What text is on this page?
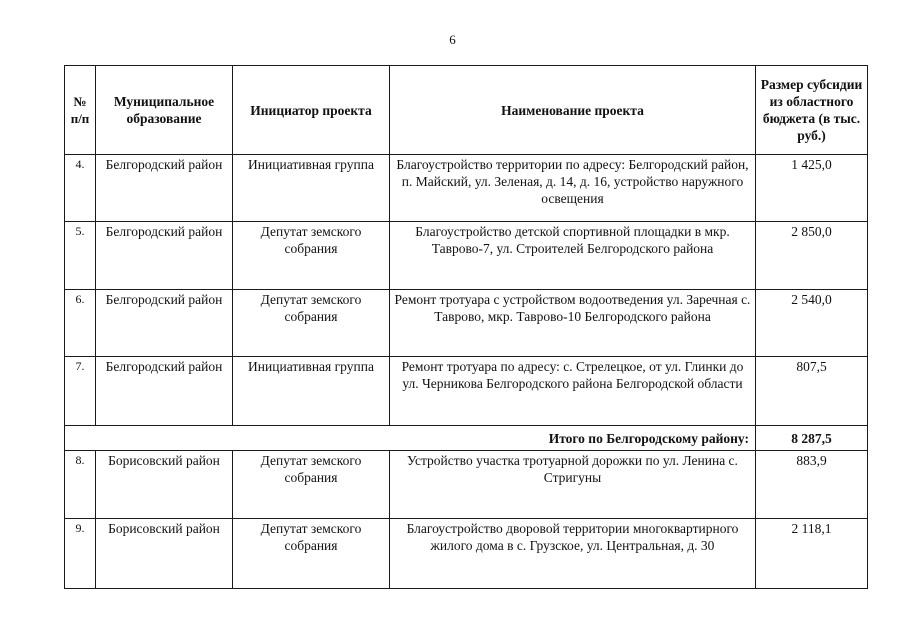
6
№ п/п	Муниципальное образование	Инициатор проекта	Наименование проекта	Размер субсидии из областного бюджета (в тыс. руб.)
4.	Белгородский район	Инициативная группа	Благоустройство территории по адресу: Белгородский район, п. Майский, ул. Зеленая, д. 14, д. 16, устройство наружного освещения	1 425,0
5.	Белгородский район	Депутат земского собрания	Благоустройство детской спортивной площадки в мкр. Таврово-7, ул. Строителей Белгородского района	2 850,0
6.	Белгородский район	Депутат земского собрания	Ремонт тротуара с устройством водоотведения ул. Заречная с. Таврово, мкр. Таврово-10 Белгородского района	2 540,0
7.	Белгородский район	Инициативная группа	Ремонт тротуара по адресу: с. Стрелецкое, от ул. Глинки до ул. Черникова Белгородского района Белгородской области	807,5
Итого по Белгородскому району:				8 287,5
8.	Борисовский район	Депутат земского собрания	Устройство участка тротуарной дорожки по ул. Ленина с. Стригуны	883,9
9.	Борисовский район	Депутат земского собрания	Благоустройство дворовой территории многоквартирного жилого дома в с. Грузское, ул. Центральная, д. 30	2 118,1
